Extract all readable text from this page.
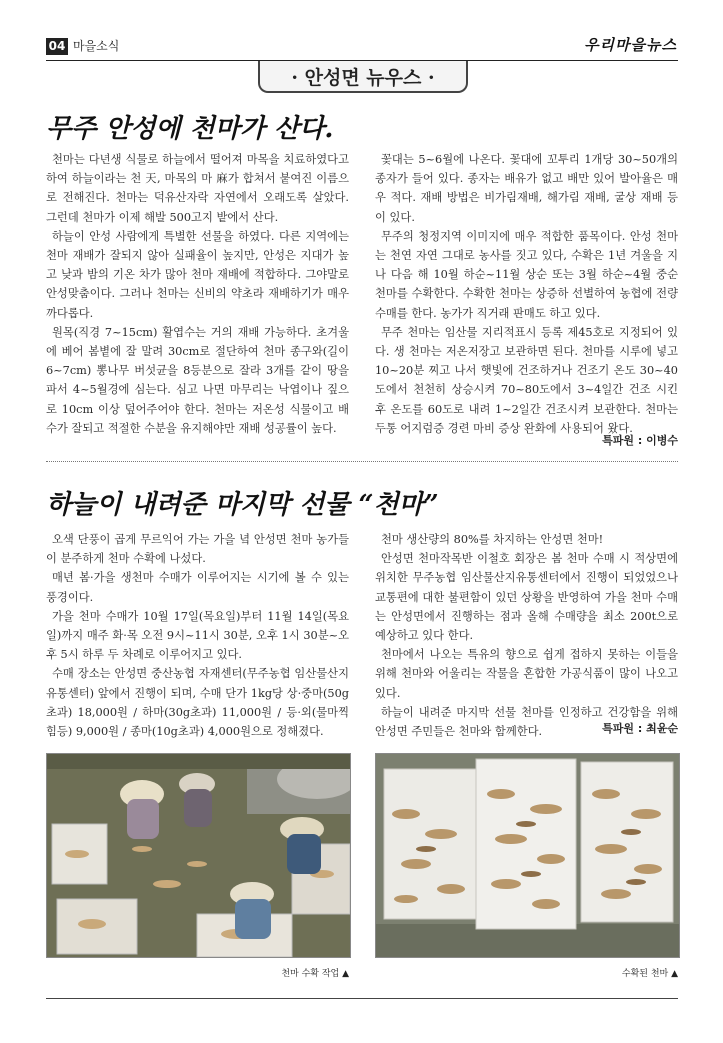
04 마을소식	우리마을뉴스
· 안성면 뉴우스 ·
무주 안성에 천마가 산다.

천마는 다년생 식물로 하늘에서 떨어져 마목을 치료하였다고 하여 하늘이라는 천 天, 마목의 마 麻가 합쳐서 붙여진 이름으로 전해진다. 천마는 덕유산자락 자연에서 오래도록 살았다. 그런데 천마가 이제 해발 500고지 밭에서 산다.

하늘이 안성 사람에게 특별한 선물을 하였다. 다른 지역에는 천마 재배가 잘되지 않아 실패율이 높지만, 안성은 지대가 높고 낮과 밤의 기온 차가 많아 천마 재배에 적합하다. 그야말로 안성맞춤이다. 그러나 천마는 신비의 약초라 재배하기가 매우 까다롭다.

원목(직경 7~15cm) 활엽수는 거의 재배 가능하다. 초겨울에 베어 봄볕에 잘 말려 30cm로 절단하여 천마 종구와(길이 6~7cm) 뽕나무 버섯균을 8등분으로 잘라 3개를 같이 땅을 파서 4~5월경에 심는다. 심고 나면 마무리는 낙엽이나 짚으로 10cm 이상 덮어주어야 한다. 천마는 저온성 식물이고 배수가 잘되고 적절한 수분을 유지해야만 재배 성공률이 높다.

꽃대는 5~6월에 나온다. 꽃대에 꼬투리 1개당 30~50개의 종자가 들어 있다. 종자는 배유가 없고 배만 있어 발아율은 매우 적다. 재배 방법은 비가림재배, 해가림 재배, 굴상 재배 등이 있다.

무주의 청정지역 이미지에 매우 적합한 품목이다. 안성 천마는 천연 자연 그대로 농사를 짓고 있다, 수확은 1년 겨울을 지나 다음 해 10월 하순~11월 상순 또는 3월 하순~4월 중순 천마를 수확한다. 수확한 천마는 상증하 선별하여 농협에 전량 수매를 한다. 농가가 직거래 판매도 하고 있다.

무주 천마는 임산물 지리적표시 등록 제45호로 지정되어 있다. 생 천마는 저온저장고 보관하면 된다. 천마를 시루에 넣고 10~20분 찌고 나서 햇빛에 건조하거나 건조기 온도 30~40도에서 천천히 상승시켜 70~80도에서 3~4일간 건조 시킨 후 온도를 60도로 내려 1~2일간 건조시켜 보관한다. 천마는 두통 어지럼증 경련 마비 증상 완화에 사용되어 왔다.

특파원 : 이병수
하늘이 내려준 마지막 선물 “천마”

오색 단풍이 곱게 무르익어 가는 가을 녘 안성면 천마 농가들이 분주하게 천마 수확에 나섰다.

매년 봄·가을 생천마 수매가 이루어지는 시기에 볼 수 있는 풍경이다.

가을 천마 수매가 10월 17일(목요일)부터 11월 14일(목요일)까지 매주 화·목 오전 9시~11시 30분, 오후 1시 30분~오후 5시 하루 두 차례로 이루어지고 있다.

수매 장소는 안성면 중산농협 자재센터(무주농협 임산물산지유통센터) 앞에서 진행이 되며, 수매 단가 1kg당 상·중마(50g초과) 18,000원 / 하마(30g초과) 11,000원 / 등·외(물마찍힘등) 9,000원 / 종마(10g초과) 4,000원으로 정해졌다.

천마 생산량의 80%를 차지하는 안성면 천마!

안성면 천마작목반 이철호 회장은 봄 천마 수매 시 적상면에 위치한 무주농협 임산물산지유통센터에서 진행이 되었었으나 교통편에 대한 불편함이 있던 상황을 반영하여 가을 천마 수매는 안성면에서 진행하는 점과 올해 수매량을 최소 200t으로 예상하고 있다 한다.

천마에서 나오는 특유의 향으로 쉽게 접하지 못하는 이들을 위해 천마와 어울리는 작물을 혼합한 가공식품이 많이 나오고 있다.

하늘이 내려준 마지막 선물 천마를 인정하고 건강함을 위해 안성면 주민들은 천마와 함께한다.	특파원 : 최윤순
천마 수확 작업 ▲	수확된 천마 ▲
